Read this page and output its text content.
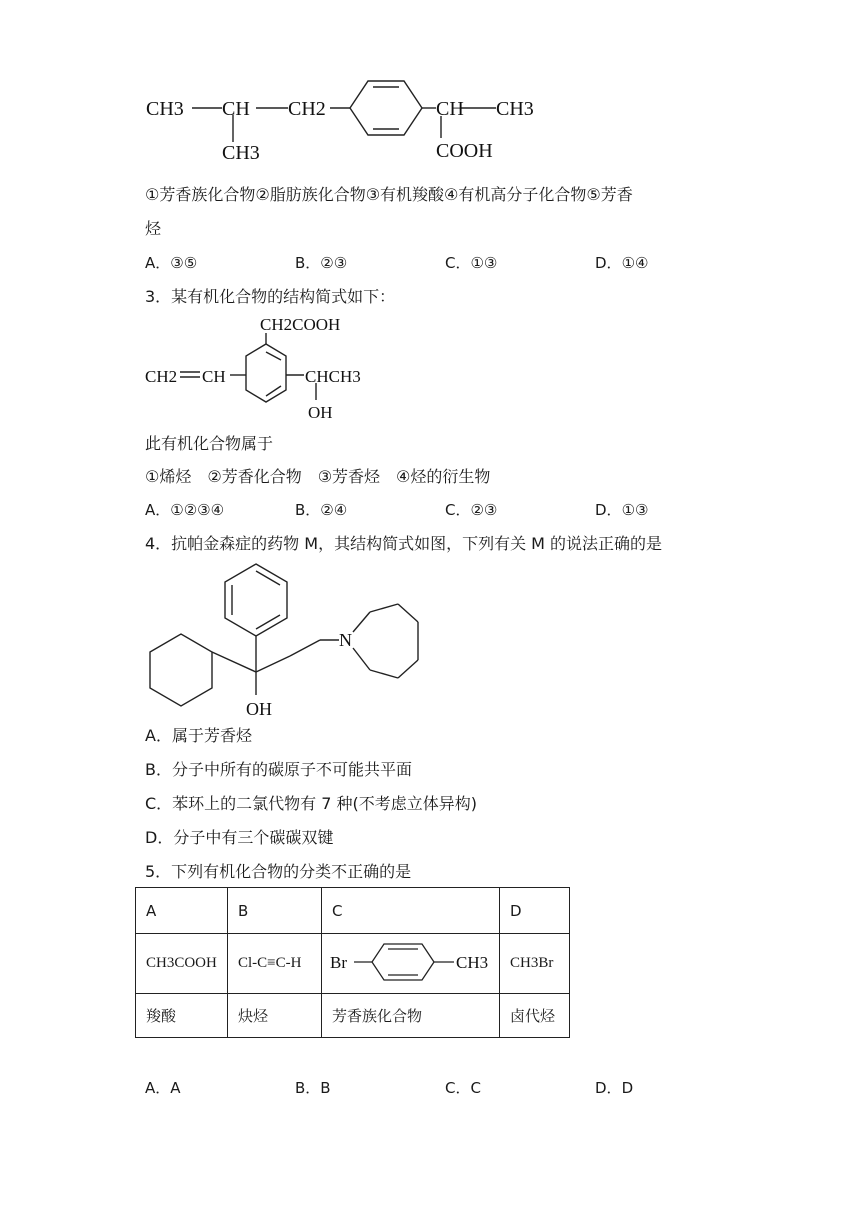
CH3 CH CH2	CH CH3
CH3	COOH
①芳香族化合物②脂肪族化合物③有机羧酸④有机高分子化合物⑤芳香
烃
A．③⑤	B．②③	C．①③	D．①④
3．某有机化合物的结构简式如下：
CH2COOH
CH2 CH	CHCH3
OH
此有机化合物属于
①烯烃　②芳香化合物　③芳香烃　④烃的衍生物
A．①②③④	B．②④	C．②③	D．①③
4．抗帕金森症的药物 M，其结构简式如图，下列有关 M 的说法正确的是
N
OH
A．属于芳香烃
B．分子中所有的碳原子不可能共平面
C．苯环上的二氯代物有 7 种(不考虑立体异构)
D．分子中有三个碳碳双键
5．下列有机化合物的分类不正确的是
A	B	C	D
CH3COOH	Cl-C≡C-H	Br CH3	CH3Br
羧酸	炔烃	芳香族化合物	卤代烃
A．A	B．B	C．C	D．D
